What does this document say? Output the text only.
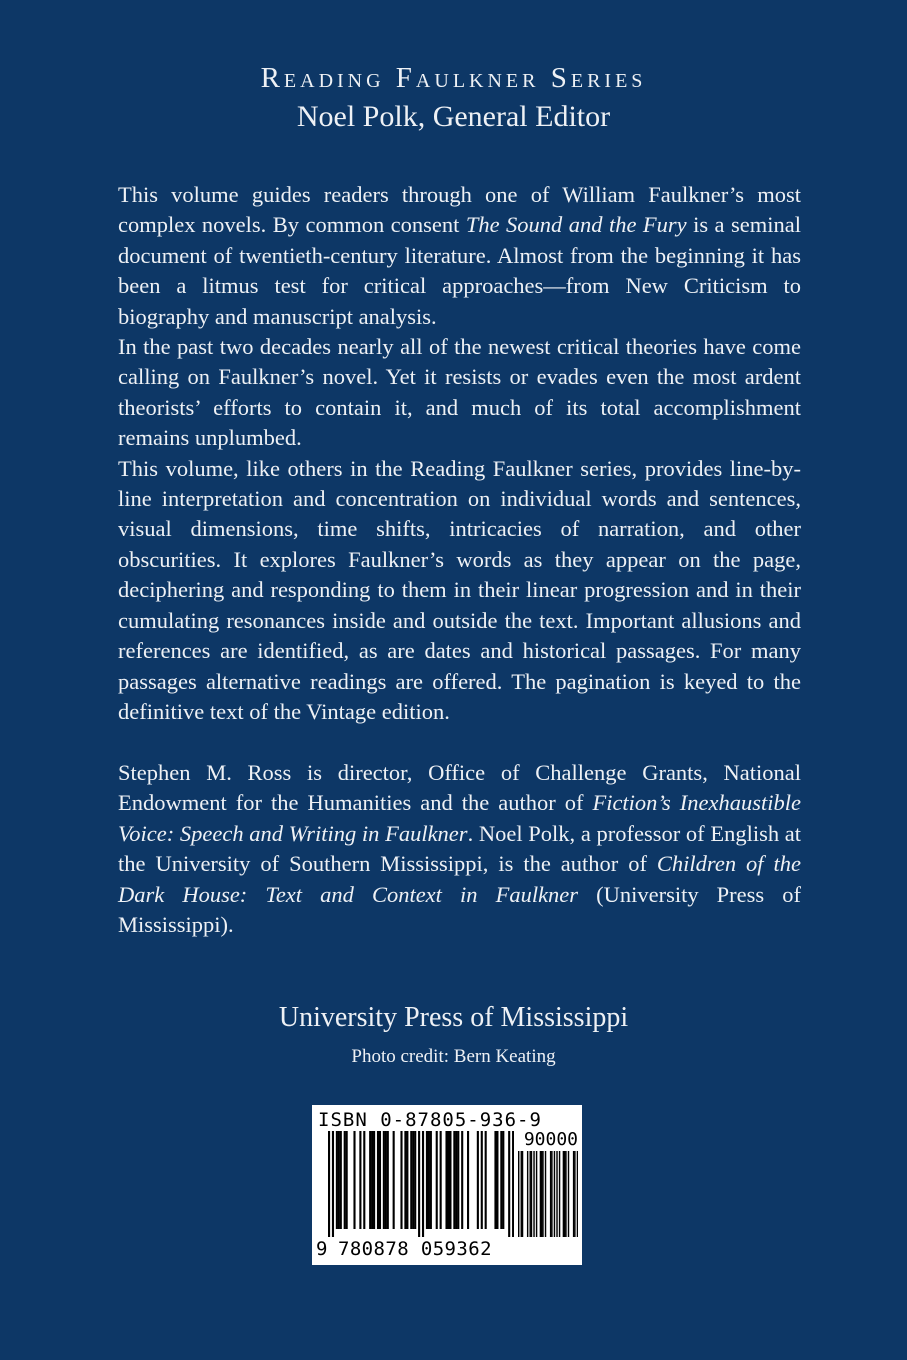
Reading Faulkner Series
Noel Polk, General Editor

This volume guides readers through one of William Faulkner’s most complex novels. By common consent The Sound and the Fury is a seminal document of twentieth-century literature. Almost from the beginning it has been a litmus test for critical approaches—from New Criticism to biography and manuscript analysis.

In the past two decades nearly all of the newest critical theories have come calling on Faulkner’s novel. Yet it resists or evades even the most ardent theorists’ efforts to contain it, and much of its total accomplishment remains unplumbed.

This volume, like others in the Reading Faulkner series, provides line-by-line interpretation and concentration on individual words and sentences, visual dimensions, time shifts, intricacies of narration, and other obscurities. It explores Faulkner’s words as they appear on the page, deciphering and responding to them in their linear progression and in their cumulating resonances inside and outside the text. Important allusions and references are identified, as are dates and historical passages. For many passages alternative readings are offered. The pagination is keyed to the definitive text of the Vintage edition.

Stephen M. Ross is director, Office of Challenge Grants, National Endowment for the Humanities and the author of Fiction’s Inexhaustible Voice: Speech and Writing in Faulkner. Noel Polk, a professor of English at the University of Southern Mississippi, is the author of Children of the Dark House: Text and Context in Faulkner (University Press of Mississippi).

University Press of Mississippi
Photo credit: Bern Keating
ISBN 0-87805-936-9
90000
9 780878 059362
